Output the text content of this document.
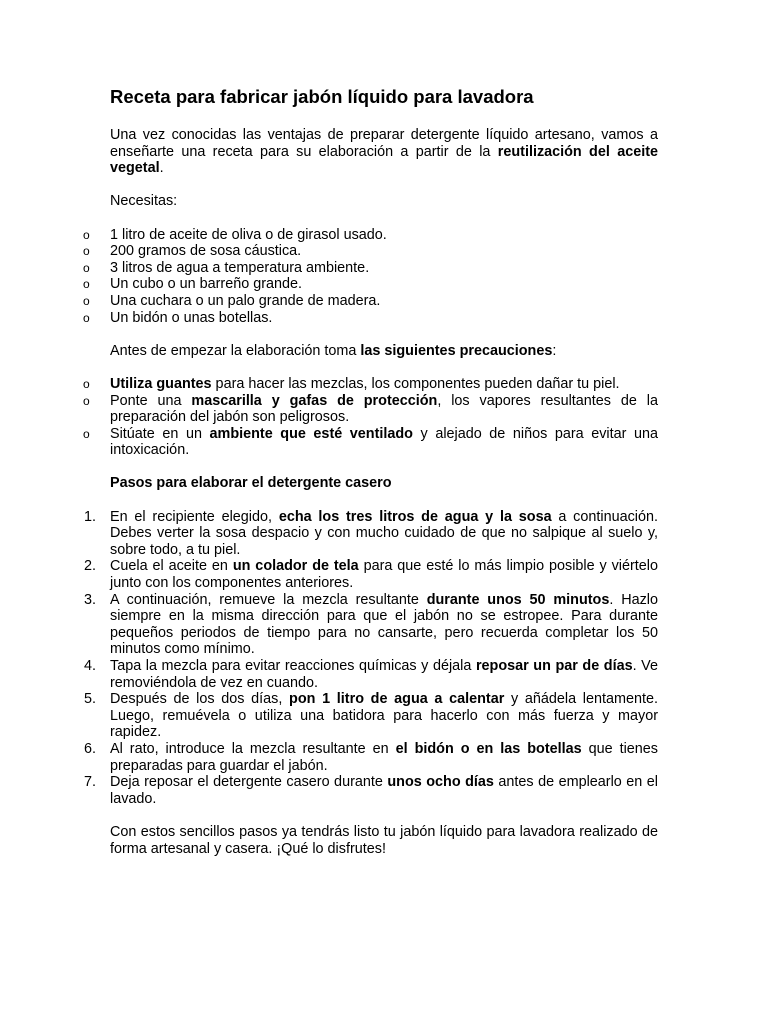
Receta para fabricar jabón líquido para lavadora

Una vez conocidas las ventajas de preparar detergente líquido artesano, vamos a enseñarte una receta para su elaboración a partir de la reutilización del aceite vegetal.

Necesitas:

o 1 litro de aceite de oliva o de girasol usado.
o 200 gramos de sosa cáustica.
o 3 litros de agua a temperatura ambiente.
o Un cubo o un barreño grande.
o Una cuchara o un palo grande de madera.
o Un bidón o unas botellas.

Antes de empezar la elaboración toma las siguientes precauciones:

o Utiliza guantes para hacer las mezclas, los componentes pueden dañar tu piel.
o Ponte una mascarilla y gafas de protección, los vapores resultantes de la preparación del jabón son peligrosos.
o Sitúate en un ambiente que esté ventilado y alejado de niños para evitar una intoxicación.

Pasos para elaborar el detergente casero

1. En el recipiente elegido, echa los tres litros de agua y la sosa a continuación. Debes verter la sosa despacio y con mucho cuidado de que no salpique al suelo y, sobre todo, a tu piel.
2. Cuela el aceite en un colador de tela para que esté lo más limpio posible y viértelo junto con los componentes anteriores.
3. A continuación, remueve la mezcla resultante durante unos 50 minutos. Hazlo siempre en la misma dirección para que el jabón no se estropee. Para durante pequeños periodos de tiempo para no cansarte, pero recuerda completar los 50 minutos como mínimo.
4. Tapa la mezcla para evitar reacciones químicas y déjala reposar un par de días. Ve removiéndola de vez en cuando.
5. Después de los dos días, pon 1 litro de agua a calentar y añádela lentamente. Luego, remuévela o utiliza una batidora para hacerlo con más fuerza y mayor rapidez.
6. Al rato, introduce la mezcla resultante en el bidón o en las botellas que tienes preparadas para guardar el jabón.
7. Deja reposar el detergente casero durante unos ocho días antes de emplearlo en el lavado.

Con estos sencillos pasos ya tendrás listo tu jabón líquido para lavadora realizado de forma artesanal y casera. ¡Qué lo disfrutes!
